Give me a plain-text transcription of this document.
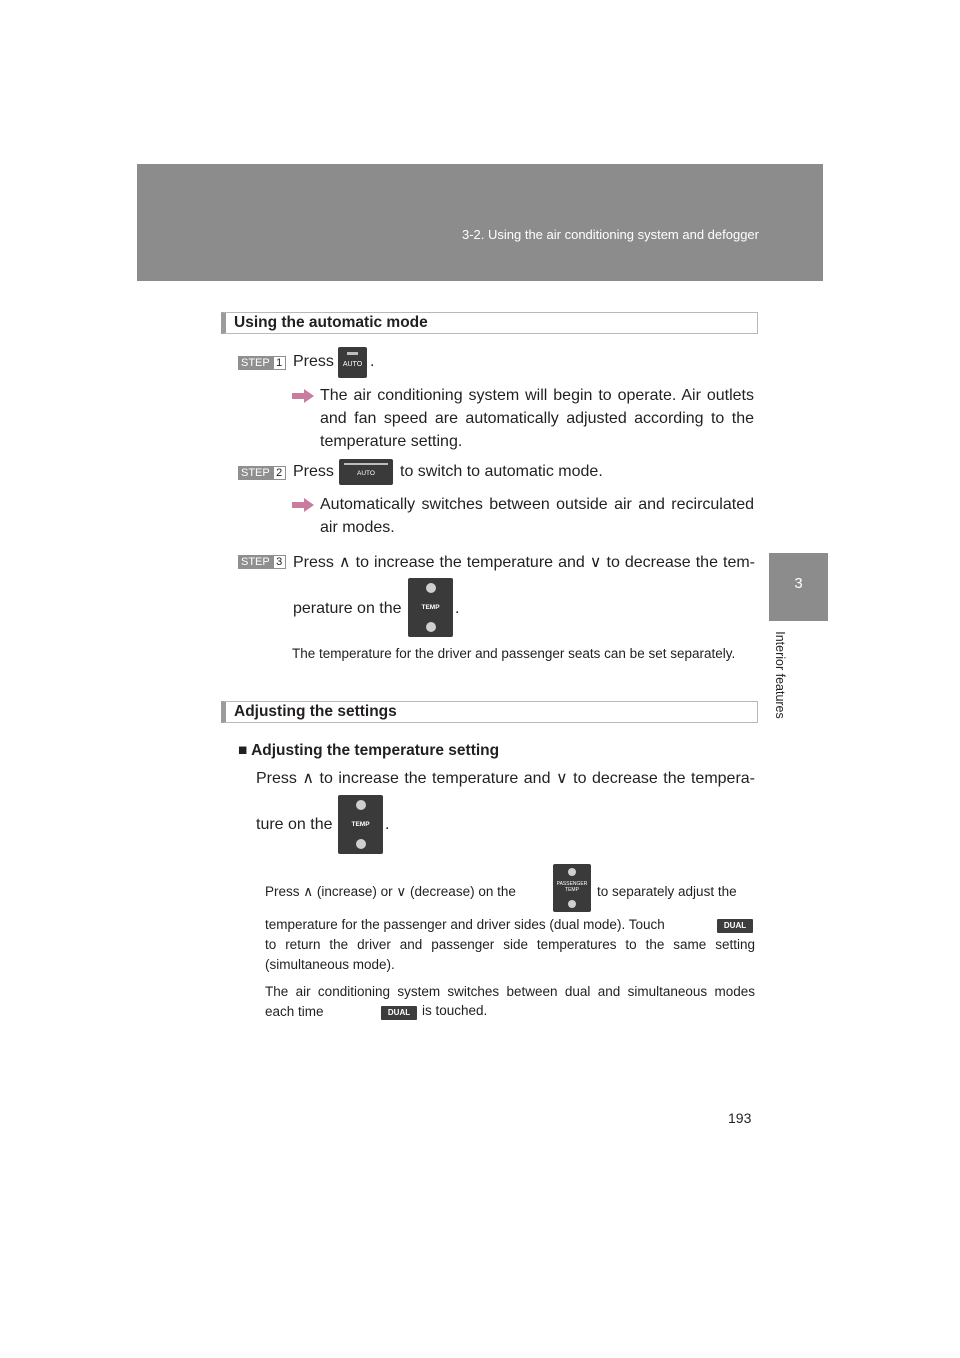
3-2. Using the air conditioning system and defogger
3
Interior features
Using the automatic mode
STEP 1 Press	AUTO .
The air conditioning system will begin to operate. Air outlets and fan speed are automatically adjusted according to the temperature setting.
STEP 2 Press	AUTO	to switch to automatic mode.
Automatically switches between outside air and recirculated air modes.
STEP 3 Press ∧ to increase the temperature and ∨ to decrease the tem-
perature on the	TEMP .
The temperature for the driver and passenger seats can be set separately.
Adjusting the settings
■ Adjusting the temperature setting
Press ∧ to increase the temperature and ∨ to decrease the tempera-
ture on the	TEMP .
Press ∧ (increase) or ∨ (decrease) on the	PASSENGER TEMP	to separately adjust the
temperature for the passenger and driver sides (dual mode). Touch	DUAL
to return the driver and passenger side temperatures to the same setting (simultaneous mode).
The air conditioning system switches between dual and simultaneous modes each time	DUAL is touched.
193
